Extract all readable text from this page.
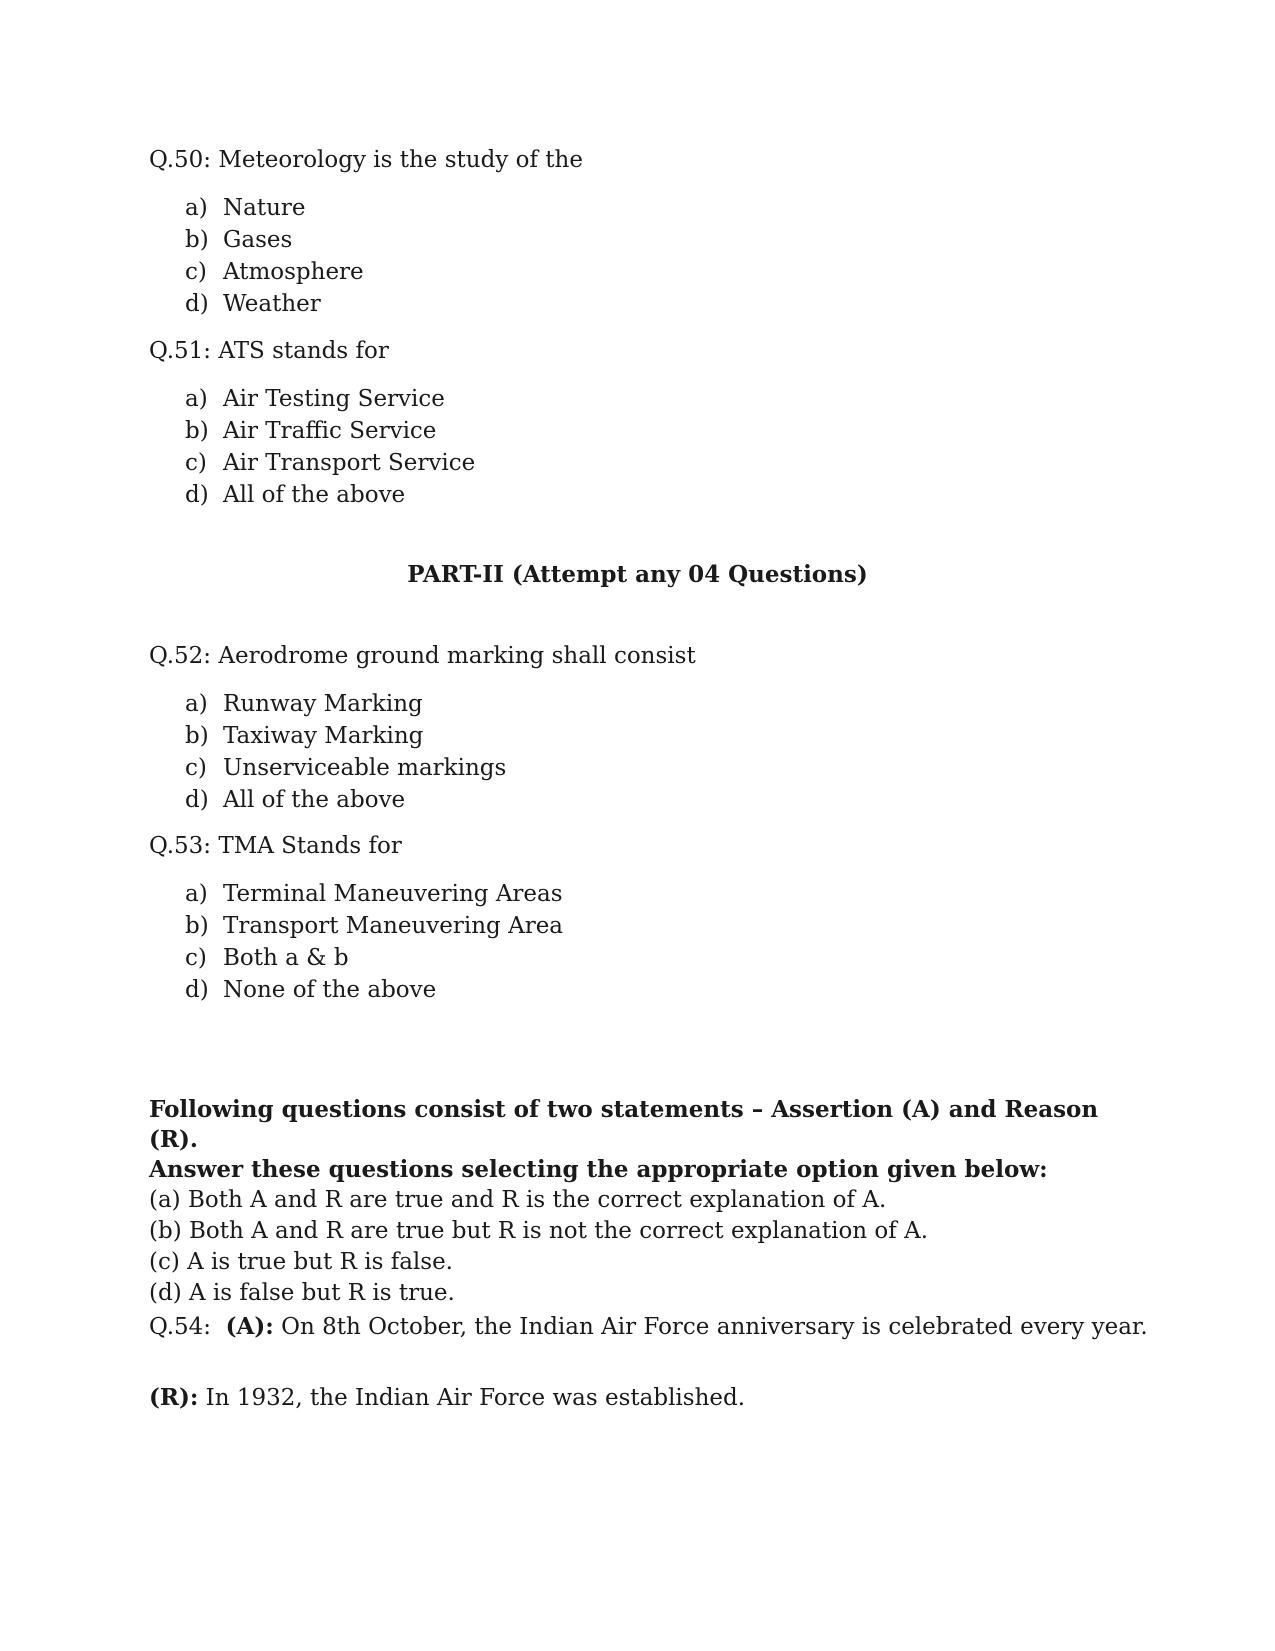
Q.50: Meteorology is the study of the
a) Nature
b) Gases
c) Atmosphere
d) Weather
Q.51: ATS stands for
a) Air Testing Service
b) Air Traffic Service
c) Air Transport Service
d) All of the above
PART-II (Attempt any 04 Questions)
Q.52: Aerodrome ground marking shall consist
a) Runway Marking
b) Taxiway Marking
c) Unserviceable markings
d) All of the above
Q.53: TMA Stands for
a) Terminal Maneuvering Areas
b) Transport Maneuvering Area
c) Both a & b
d) None of the above

Following questions consist of two statements – Assertion (A) and Reason (R).

Answer these questions selecting the appropriate option given below:

(a) Both A and R are true and R is the correct explanation of A.

(b) Both A and R are true but R is not the correct explanation of A.

(c) A is true but R is false.

(d) A is false but R is true.

Q.54: (A): On 8th October, the Indian Air Force anniversary is celebrated every year.
(R): In 1932, the Indian Air Force was established.
